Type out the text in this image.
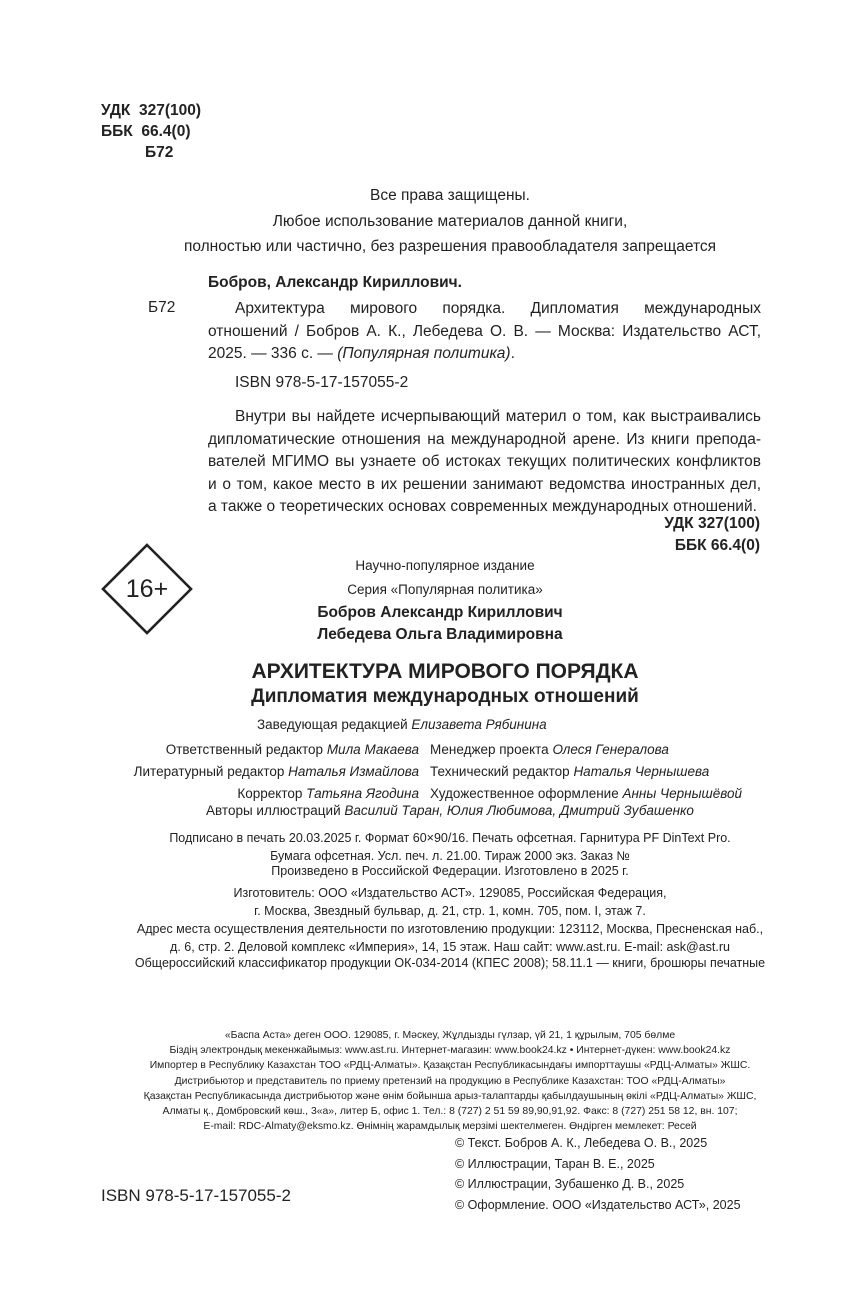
УДК 327(100)
ББК 66.4(0)
Б72
Все права защищены.
Любое использование материалов данной книги,
полностью или частично, без разрешения правообладателя запрещается
Бобров, Александр Кириллович.
Б72	Архитектура мирового порядка. Дипломатия международных
отношений / Бобров А. К., Лебедева О. В. — Москва: Издательство АСТ,
2025. — 336 с. — (Популярная политика).
ISBN 978-5-17-157055-2
Внутри вы найдете исчерпывающий материл о том, как выстраивались
дипломатические отношения на международной арене. Из книги препода-
вателей МГИМО вы узнаете об истоках текущих политических конфликтов
и о том, какое место в их решении занимают ведомства иностранных дел,
а также о теоретических основах современных международных отношений.
УДК 327(100)
ББК 66.4(0)
16+
Научно-популярное издание
Серия «Популярная политика»
Бобров Александр Кириллович
Лебедева Ольга Владимировна
АРХИТЕКТУРА МИРОВОГО ПОРЯДКА
Дипломатия международных отношений
Заведующая редакцией Елизавета Рябинина
Ответственный редактор Мила Макаева
Литературный редактор Наталья Измайлова
Корректор Татьяна Ягодина
Менеджер проекта Олеся Генералова
Технический редактор Наталья Чернышева
Художественное оформление Анны Чернышёвой
Авторы иллюстраций Василий Таран, Юлия Любимова, Дмитрий Зубашенко
Подписано в печать 20.03.2025 г. Формат 60×90/16. Печать офсетная. Гарнитура PF DinText Pro.
Бумага офсетная. Усл. печ. л. 21.00. Тираж 2000 экз. Заказ №
Произведено в Российской Федерации. Изготовлено в 2025 г.
Изготовитель: ООО «Издательство АСТ». 129085, Российская Федерация,
г. Москва, Звездный бульвар, д. 21, стр. 1, комн. 705, пом. I, этаж 7.
Адрес места осуществления деятельности по изготовлению продукции: 123112, Москва, Пресненская наб.,
д. 6, стр. 2. Деловой комплекс «Империя», 14, 15 этаж. Наш сайт: www.ast.ru. E-mail: ask@ast.ru
Общероссийский классификатор продукции ОК-034-2014 (КПЕС 2008); 58.11.1 — книги, брошюры печатные
«Баспа Аста» деген ООО. 129085, г. Мәскеу, Жұлдызды гүлзар, үй 21, 1 құрылым, 705 бөлме
Біздің электрондық мекенжайымыз: www.ast.ru. Интернет-магазин: www.book24.kz • Интернет-дүкен: www.book24.kz
Импортер в Республику Казахстан ТОО «РДЦ-Алматы». Қазақстан Республикасындағы импорттаушы «РДЦ-Алматы» ЖШС.
Дистрибьютор и представитель по приему претензий на продукцию в Республике Казахстан: ТОО «РДЦ-Алматы»
Қазақстан Республикасында дистрибьютор және өнім бойынша арыз-талаптарды қабылдаушының өкілі «РДЦ-Алматы» ЖШС,
Алматы қ., Домбровский көш., 3«а», литер Б, офис 1. Тел.: 8 (727) 2 51 59 89,90,91,92. Факс: 8 (727) 251 58 12, вн. 107;
E-mail: RDC-Almaty@eksmo.kz. Өнімнің жарамдылық мерзімі шектелмеген. Өндірген мемлекет: Ресей
© Текст. Бобров А. К., Лебедева О. В., 2025
© Иллюстрации, Таран В. Е., 2025
© Иллюстрации, Зубашенко Д. В., 2025
© Оформление. ООО «Издательство АСТ», 2025
ISBN 978-5-17-157055-2
